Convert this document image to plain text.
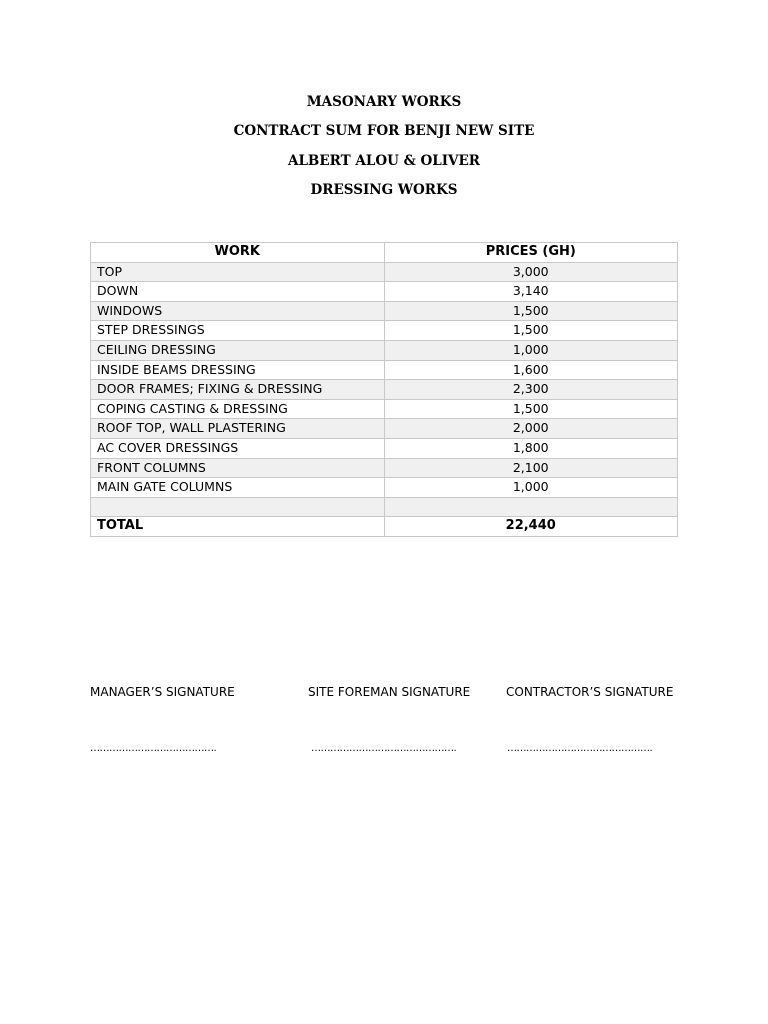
MASONARY WORKS
CONTRACT SUM FOR BENJI NEW SITE
ALBERT ALOU & OLIVER
DRESSING WORKS
WORK	PRICES (GH)
TOP	3,000
DOWN	3,140
WINDOWS	1,500
STEP DRESSINGS	1,500
CEILING DRESSING	1,000
INSIDE BEAMS DRESSING	1,600
DOOR FRAMES; FIXING & DRESSING	2,300
COPING CASTING & DRESSING	1,500
ROOF TOP, WALL PLASTERING	2,000
AC COVER DRESSINGS	1,800
FRONT COLUMNS	2,100
MAIN GATE COLUMNS	1,000

TOTAL	22,440
MANAGER’S SIGNATURE	SITE FOREMAN SIGNATURE	CONTRACTOR’S SIGNATURE
………………………………….	……………………………………….	……………………………………….
